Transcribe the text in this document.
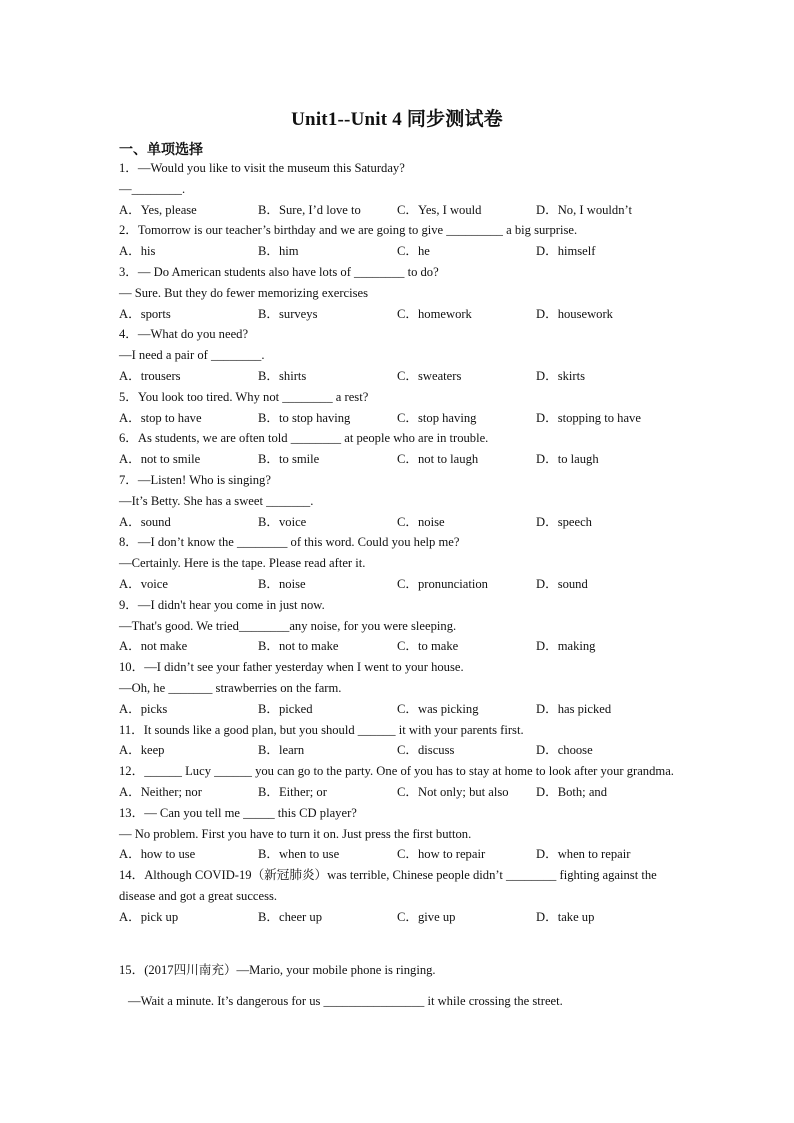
Unit1--Unit 4 同步测试卷
一、单项选择
1．—Would you like to visit the museum this Saturday?
—________.
A．Yes, please	B．Sure, I’d love to	C．Yes, I would	D．No, I wouldn’t
2．Tomorrow is our teacher’s birthday and we are going to give _________ a big surprise.
A．his	B．him	C．he	D．himself
3．— Do American students also have lots of ________ to do?
— Sure. But they do fewer memorizing exercises
A．sports	B．surveys	C．homework	D．housework
4．—What do you need?
—I need a pair of ________.
A．trousers	B．shirts	C．sweaters	D．skirts
5．You look too tired. Why not ________ a rest?
A．stop to have	B．to stop having	C．stop having	D．stopping to have
6．As students, we are often told ________ at people who are in trouble.
A．not to smile	B．to smile	C．not to laugh	D．to laugh
7．—Listen! Who is singing?
—It’s Betty. She has a sweet _______.
A．sound	B．voice	C．noise	D．speech
8．—I don’t know the ________ of this word. Could you help me?
—Certainly. Here is the tape. Please read after it.
A．voice	B．noise	C．pronunciation	D．sound
9．—I didn't hear you come in just now.
—That's good. We tried________any noise, for you were sleeping.
A．not make	B．not to make	C．to make	D．making
10．—I didn’t see your father yesterday when I went to your house.
—Oh, he _______ strawberries on the farm.
A．picks	B．picked	C．was picking	D．has picked
11．It sounds like a good plan, but you should ______ it with your parents first.
A．keep	B．learn	C．discuss	D．choose
12．______ Lucy ______ you can go to the party. One of you has to stay at home to look after your grandma.
A．Neither; nor	B．Either; or	C．Not only; but also	D．Both; and
13．— Can you tell me _____ this CD player?
— No problem. First you have to turn it on. Just press the first button.
A．how to use	B．when to use	C．how to repair	D．when to repair
14．Although COVID-19（新冠肺炎）was terrible, Chinese people didn’t ________ fighting against the disease and got a great success.
A．pick up	B．cheer up	C．give up	D．take up
15．(2017四川南充）—Mario, your mobile phone is ringing.
—Wait a minute. It’s dangerous for us ________________ it while crossing the street.
